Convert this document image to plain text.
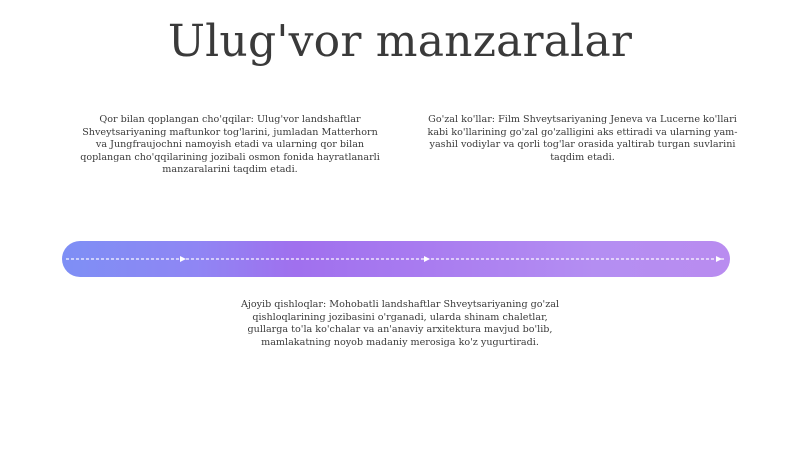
Ulug'vor manzaralar

Qor bilan qoplangan cho'qqilar: Ulug'vor landshaftlar Shveytsariyaning maftunkor tog'larini, jumladan Matterhorn va Jungfraujochni namoyish etadi va ularning qor bilan qoplangan cho'qqilarining jozibali osmon fonida hayratlanarli manzaralarini taqdim etadi.

Go'zal ko'llar: Film Shveytsariyaning Jeneva va Lucerne ko'llari kabi ko'llarining go'zal go'zalligini aks ettiradi va ularning yam-yashil vodiylar va qorli tog'lar orasida yaltirab turgan suvlarini taqdim etadi.

Ajoyib qishloqlar: Mohobatli landshaftlar Shveytsariyaning go'zal qishloqlarining jozibasini o'rganadi, ularda shinam chaletlar, gullarga to'la ko'chalar va an'anaviy arxitektura mavjud bo'lib, mamlakatning noyob madaniy merosiga ko'z yugurtiradi.
